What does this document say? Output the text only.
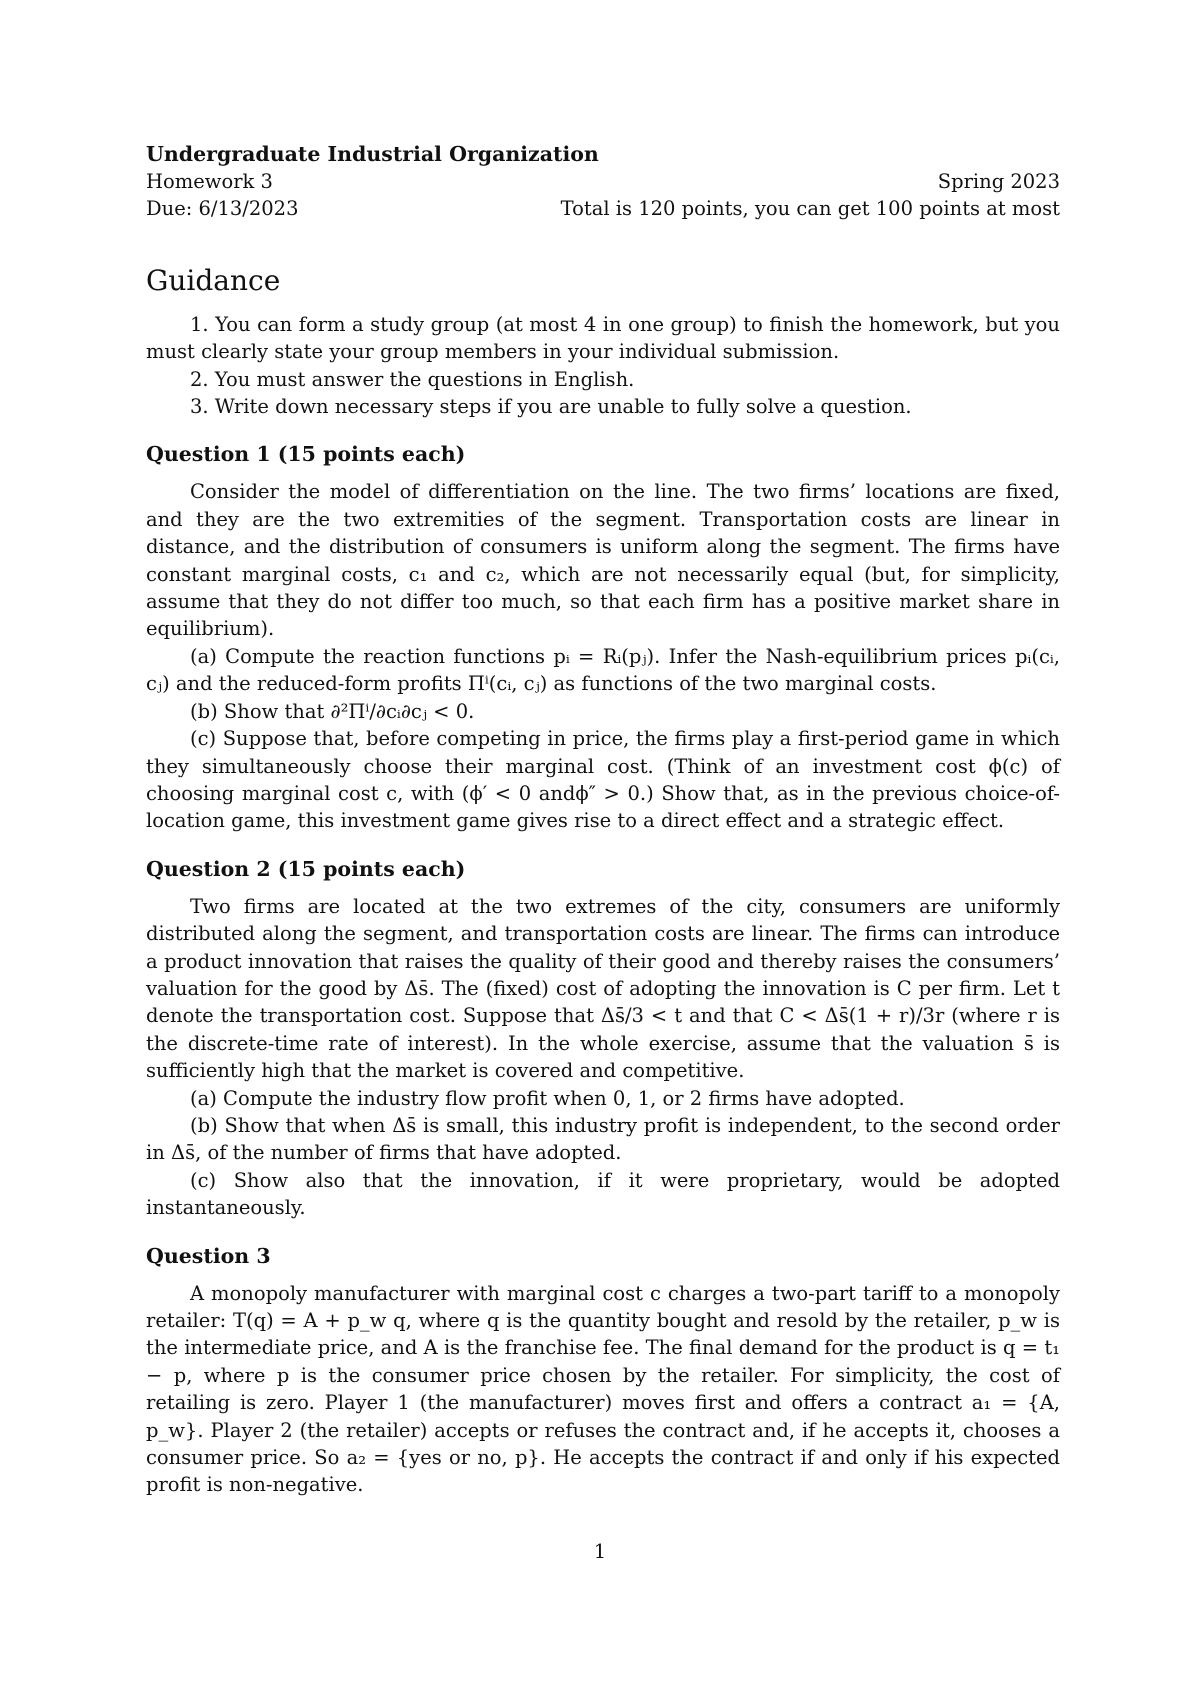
Undergraduate Industrial Organization

Homework 3	Spring 2023
Due: 6/13/2023	Total is 120 points, you can get 100 points at most
Guidance
1. You can form a study group (at most 4 in one group) to finish the homework, but you must clearly state your group members in your individual submission.
2. You must answer the questions in English.
3. Write down necessary steps if you are unable to fully solve a question.
Question 1 (15 points each)

Consider the model of differentiation on the line. The two firms’ locations are fixed, and they are the two extremities of the segment. Transportation costs are linear in distance, and the distribution of consumers is uniform along the segment. The firms have constant marginal costs, c₁ and c₂, which are not necessarily equal (but, for simplicity, assume that they do not differ too much, so that each firm has a positive market share in equilibrium).

(a) Compute the reaction functions pᵢ = Rᵢ(pⱼ). Infer the Nash-equilibrium prices pᵢ(cᵢ, cⱼ) and the reduced-form profits Πⁱ(cᵢ, cⱼ) as functions of the two marginal costs.

(b) Show that ∂²Πⁱ/∂cᵢ∂cⱼ < 0.

(c) Suppose that, before competing in price, the firms play a first-period game in which they simultaneously choose their marginal cost. (Think of an investment cost ϕ(c) of choosing marginal cost c, with (ϕ′ < 0 andϕ″ > 0.) Show that, as in the previous choice-of-location game, this investment game gives rise to a direct effect and a strategic effect.

Question 2 (15 points each)

Two firms are located at the two extremes of the city, consumers are uniformly distributed along the segment, and transportation costs are linear. The firms can introduce a product innovation that raises the quality of their good and thereby raises the consumers’ valuation for the good by Δs̄. The (fixed) cost of adopting the innovation is C per firm. Let t denote the transportation cost. Suppose that Δs̄/3 < t and that C < Δs̄(1 + r)/3r (where r is the discrete-time rate of interest). In the whole exercise, assume that the valuation s̄ is sufficiently high that the market is covered and competitive.

(a) Compute the industry flow profit when 0, 1, or 2 firms have adopted.

(b) Show that when Δs̄ is small, this industry profit is independent, to the second order in Δs̄, of the number of firms that have adopted.

(c) Show also that the innovation, if it were proprietary, would be adopted instantaneously.

Question 3

A monopoly manufacturer with marginal cost c charges a two-part tariff to a monopoly retailer: T(q) = A + p_w q, where q is the quantity bought and resold by the retailer, p_w is the intermediate price, and A is the franchise fee. The final demand for the product is q = t₁ − p, where p is the consumer price chosen by the retailer. For simplicity, the cost of retailing is zero. Player 1 (the manufacturer) moves first and offers a contract a₁ = {A, p_w}. Player 2 (the retailer) accepts or refuses the contract and, if he accepts it, chooses a consumer price. So a₂ = {yes or no, p}. He accepts the contract if and only if his expected profit is non-negative.

1
